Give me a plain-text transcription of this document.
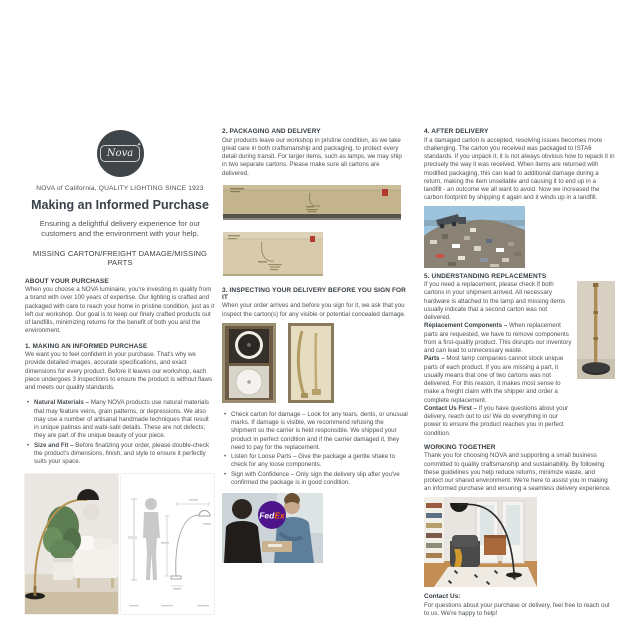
Nova
✦
NOVA of California, QUALITY LIGHTING SINCE 1923
Making an Informed Purchase
Ensuring a delightful delivery experience for our customers and the environment with your help.
MISSING CARTON/FREIGHT DAMAGE/MISSING PARTS
ABOUT YOUR PURCHASE

When you choose a NOVA luminaire, you're investing in quality from a brand with over 100 years of expertise. Our lighting is crafted and packaged with care to reach your home in pristine condition, just as it left our workshop. Our goal is to keep our finely crafted products out of landfills, minimizing returns for the benefit of both you and the environment.

1. MAKING AN INFORMED PURCHASE

We want you to feel confident in your purchase. That's why we provide detailed images, accurate specifications, and exact dimensions for every product. Before it leaves our workshop, each piece undergoes 3 inspections to ensure the product is without flaws and meets our quality standards.

• Natural Materials – Many NOVA products use natural materials that may feature veins, grain patterns, or depressions. We also may use a number of artisanal handmade techniques that result in unique patinas and wabi-sabi details. These are not defects; they are part of the unique beauty of your piece.
• Size and Fit – Before finalizing your order, please double-check the product's dimensions, finish, and style to ensure it perfectly suits your space.
2. PACKAGING AND DELIVERY

Our products leave our workshop in pristine condition, as we take great care in both craftsmanship and packaging, to protect every detail during transit. For larger items, such as lamps, we may ship in two separate cartons. Please make sure all cartons are delivered.

3. INSPECTING YOUR DELIVERY BEFORE YOU SIGN FOR IT

When your order arrives and before you sign for it, we ask that you inspect the carton(s) for any visible or potential concealed damage.

• Check carton for damage – Look for any tears, dents, or unusual marks. If damage is visible, we recommend refusing the shipment so the carrier is held responsible. We shipped your product in perfect condition and if the carrier damaged it, they need to pay for the replacement.
• Listen for Loose Parts – Give the package a gentle shake to check for any loose components.
• Sign with Confidence – Only sign the delivery slip after you've confirmed the package is in good condition.
FedEx
4. AFTER DELIVERY

If a damaged carton is accepted, resolving issues becomes more challenging. The carton you received was packaged to ISTA6 standards. If you unpack it, it is not always obvious how to repack it in precisely the way it was received. When items are returned with modified packaging, this can lead to additional damage during a return, making the item unsellable and causing it to end up in a landfill - an outcome we all want to avoid. Now we increased the carbon footprint by shipping it again and it winds up in a landfill.

5. UNDERSTANDING REPLACEMENTS

If you need a replacement, please check if both cartons in your shipment arrived. All necessary hardware is attached to the lamp and missing items usually indicate that a second carton was not delivered.

Replacement Components – When replacement parts are requested, we have to remove components from a first-quality product. This disrupts our inventory and can lead to unnecessary waste.

Parts – Most lamp companies cannot stock unique parts of each product. If you are missing a part, it usually means that one of two cartons was not delivered. For this reason, it makes most sense to make a freight claim with the shipper and order a complete replacement.

Contact Us First – If you have questions about your delivery, reach out to us! We do everything in our power to ensure the product reaches you in perfect condition.

WORKING TOGETHER

Thank you for choosing NOVA and supporting a small business committed to quality craftsmanship and sustainability. By following these guidelines you help reduce returns, minimize waste, and protect our shared environment. We're here to assist you in making an informed purchase and ensuring a seamless delivery experience.

Contact Us:

For questions about your purchase or delivery, feel free to reach out to us. We're happy to help!
